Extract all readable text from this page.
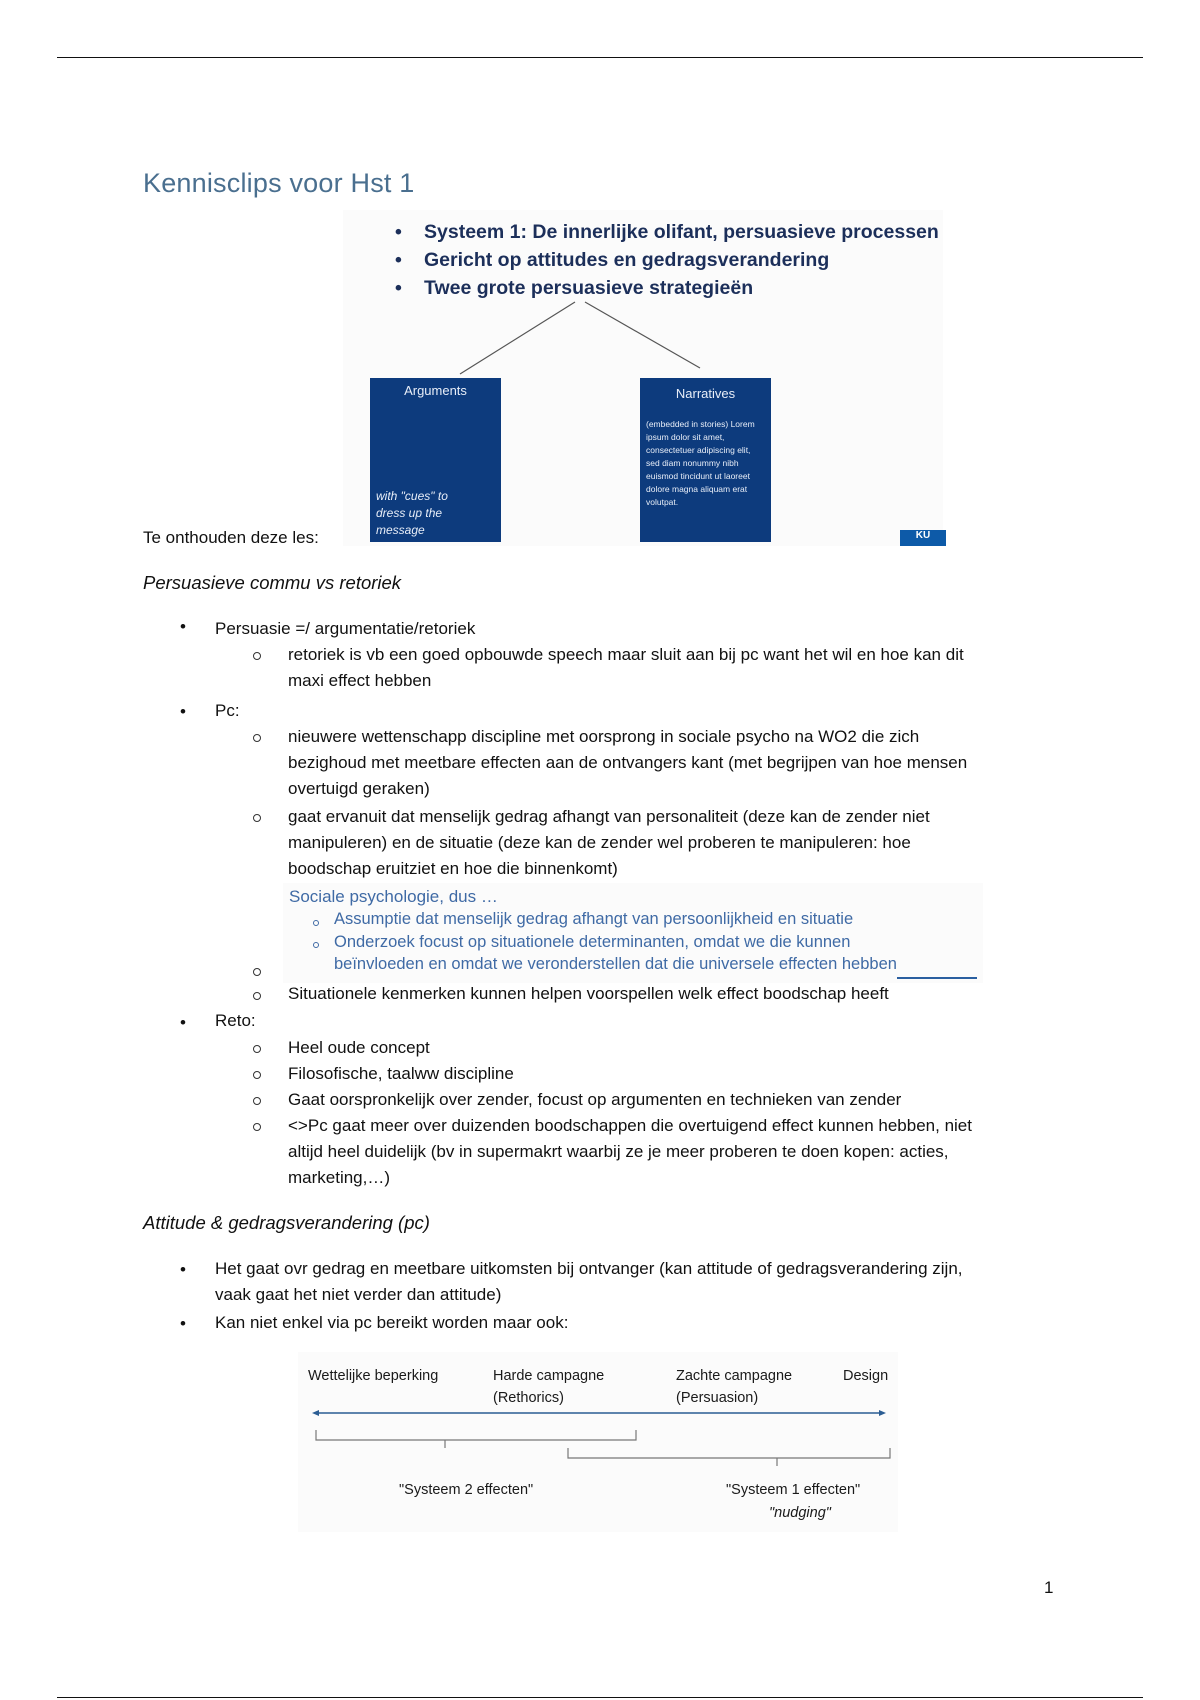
Kennisclips voor Hst 1
• Systeem 1: De innerlijke olifant, persuasieve processen
• Gericht op attitudes en gedragsverandering
• Twee grote persuasieve strategieën
Arguments
with "cues" to dress up the message
Narratives
(embedded in stories) Lorem ipsum dolor sit amet, consectetuer adipiscing elit, sed diam nonummy nibh euismod tincidunt ut laoreet dolore magna aliquam erat volutpat.
KU
Te onthouden deze les:
Persuasieve commu vs retoriek
• Persuasie =/ argumentatie/retoriek
retoriek is vb een goed opbouwde speech maar sluit aan bij pc want het wil en hoe kan dit
maxi effect hebben
• Pc:
nieuwere wettenschapp discipline met oorsprong in sociale psycho na WO2 die zich
bezighoud met meetbare effecten aan de ontvangers kant (met begrijpen van hoe mensen
overtuigd geraken)
gaat ervanuit dat menselijk gedrag afhangt van personaliteit (deze kan de zender niet
manipuleren) en de situatie (deze kan de zender wel proberen te manipuleren: hoe
boodschap eruitziet en hoe die binnenkomt)
Sociale psychologie, dus …
Assumptie dat menselijk gedrag afhangt van persoonlijkheid en situatie
Onderzoek focust op situationele determinanten, omdat we die kunnen
beïnvloeden en omdat we veronderstellen dat die universele effecten hebben
Situationele kenmerken kunnen helpen voorspellen welk effect boodschap heeft
• Reto:
Heel oude concept
Filosofische, taalww discipline
Gaat oorspronkelijk over zender, focust op argumenten en technieken van zender
<>Pc gaat meer over duizenden boodschappen die overtuigend effect kunnen hebben, niet
altijd heel duidelijk (bv in supermakrt waarbij ze je meer proberen te doen kopen: acties,
marketing,…)
Attitude & gedragsverandering (pc)
• Het gaat ovr gedrag en meetbare uitkomsten bij ontvanger (kan attitude of gedragsverandering zijn,
vaak gaat het niet verder dan attitude)
• Kan niet enkel via pc bereikt worden maar ook:
Wettelijke beperking	Harde campagne
(Rethorics)
Zachte campagne
(Persuasion)
Design
"Systeem 2 effecten"	"Systeem 1 effecten"
"nudging"
1
